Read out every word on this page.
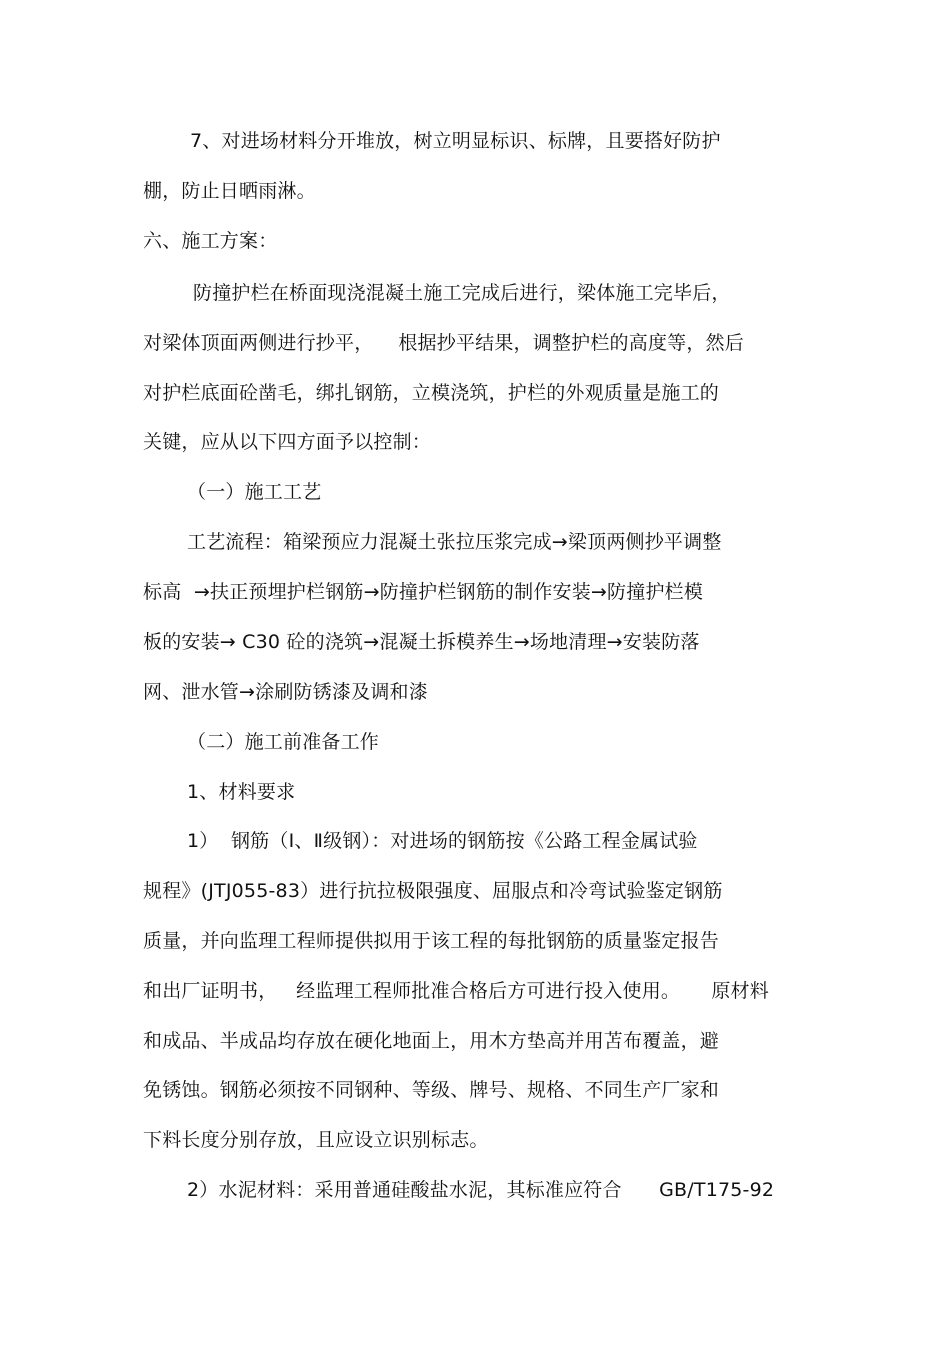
7、对进场材料分开堆放，树立明显标识、标牌，且要搭好防护
棚，防止日晒雨淋。
六、施工方案：
防撞护栏在桥面现浇混凝土施工完成后进行，梁体施工完毕后，
对梁体顶面两侧进行抄平，    根据抄平结果，调整护栏的高度等，然后
对护栏底面砼凿毛，绑扎钢筋，立模浇筑，护栏的外观质量是施工的
关键，应从以下四方面予以控制：
（一）施工工艺
工艺流程：箱梁预应力混凝土张拉压浆完成→梁顶两侧抄平调整
标高  →扶正预埋护栏钢筋→防撞护栏钢筋的制作安装→防撞护栏模
板的安装→ C30 砼的浇筑→混凝土拆模养生→场地清理→安装防落
网、泄水管→涂刷防锈漆及调和漆
（二）施工前准备工作
1、材料要求
1）  钢筋（Ⅰ、Ⅱ级钢）：对进场的钢筋按《公路工程金属试验
规程》(JTJ055-83）进行抗拉极限强度、屈服点和冷弯试验鉴定钢筋
质量，并向监理工程师提供拟用于该工程的每批钢筋的质量鉴定报告
和出厂证明书，   经监理工程师批准合格后方可进行投入使用。     原材料
和成品、半成品均存放在硬化地面上，用木方垫高并用苫布覆盖，避
免锈蚀。钢筋必须按不同钢种、等级、牌号、规格、不同生产厂家和
下料长度分别存放，且应设立识别标志。
2）水泥材料：采用普通硅酸盐水泥，其标准应符合      GB/T175-92
